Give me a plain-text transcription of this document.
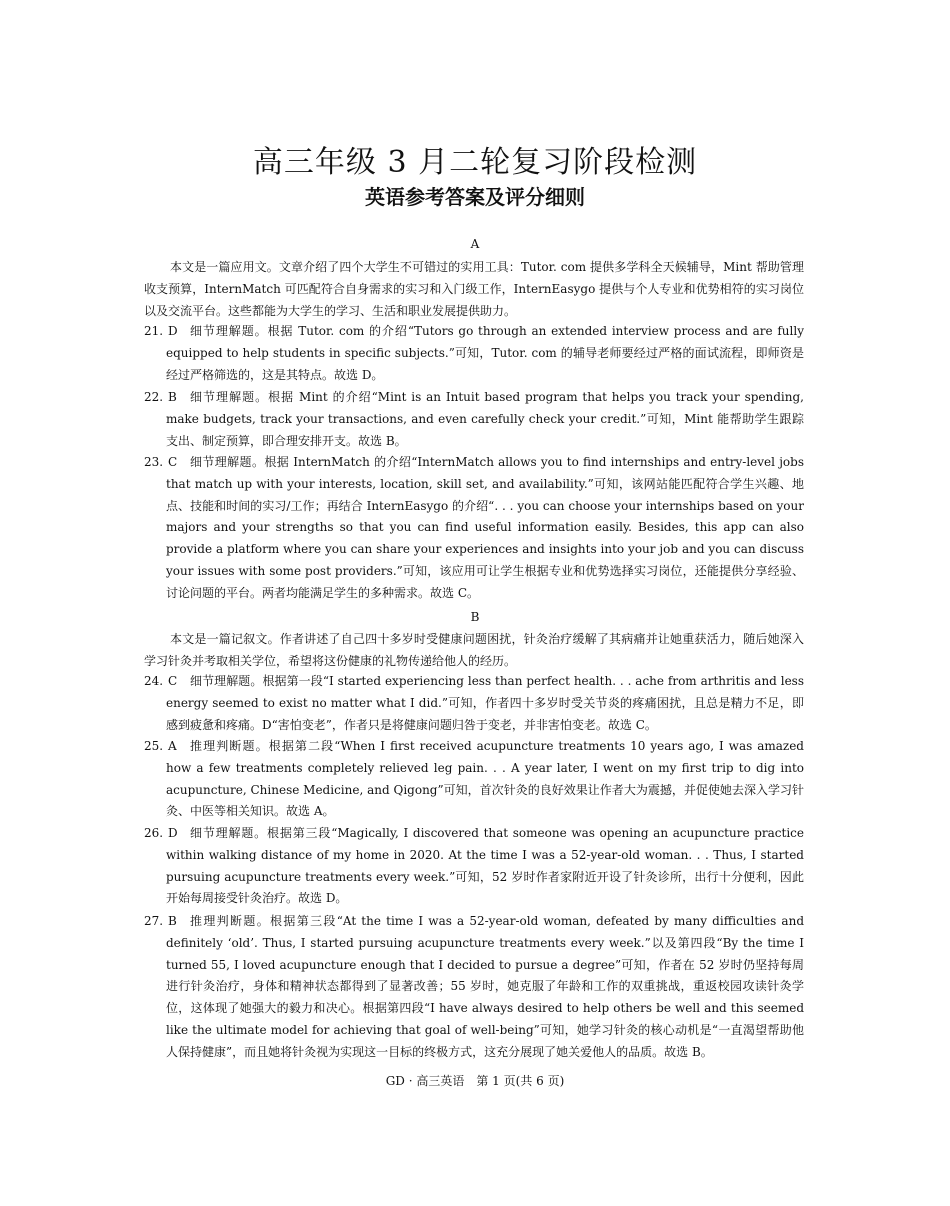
高三年级 3 月二轮复习阶段检测
英语参考答案及评分细则
A
本文是一篇应用文。文章介绍了四个大学生不可错过的实用工具：Tutor. com 提供多学科全天候辅导，Mint 帮助管理收支预算，InternMatch 可匹配符合自身需求的实习和入门级工作，InternEasygo 提供与个人专业和优势相符的实习岗位以及交流平台。这些都能为大学生的学习、生活和职业发展提供助力。
21. D	细节理解题。根据 Tutor. com 的介绍“Tutors go through an extended interview process and are fully equipped to help students in specific subjects.”可知，Tutor. com 的辅导老师要经过严格的面试流程，即师资是经过严格筛选的，这是其特点。故选 D。
22. B	细节理解题。根据 Mint 的介绍“Mint is an Intuit based program that helps you track your spending, make budgets, track your transactions, and even carefully check your credit.”可知，Mint 能帮助学生跟踪支出、制定预算，即合理安排开支。故选 B。
23. C	细节理解题。根据 InternMatch 的介绍“InternMatch allows you to find internships and entry-level jobs that match up with your interests, location, skill set, and availability.”可知，该网站能匹配符合学生兴趣、地点、技能和时间的实习/工作；再结合 InternEasygo 的介绍“. . . you can choose your internships based on your majors and your strengths so that you can find useful information easily. Besides, this app can also provide a platform where you can share your experiences and insights into your job and you can discuss your issues with some post providers.”可知，该应用可让学生根据专业和优势选择实习岗位，还能提供分享经验、讨论问题的平台。两者均能满足学生的多种需求。故选 C。
B
本文是一篇记叙文。作者讲述了自己四十多岁时受健康问题困扰，针灸治疗缓解了其病痛并让她重获活力，随后她深入学习针灸并考取相关学位，希望将这份健康的礼物传递给他人的经历。
24. C	细节理解题。根据第一段“I started experiencing less than perfect health. . . ache from arthritis and less energy seemed to exist no matter what I did.”可知，作者四十多岁时受关节炎的疼痛困扰，且总是精力不足，即感到疲惫和疼痛。D“害怕变老”，作者只是将健康问题归咎于变老，并非害怕变老。故选 C。
25. A	推理判断题。根据第二段“When I first received acupuncture treatments 10 years ago, I was amazed how a few treatments completely relieved leg pain. . . A year later, I went on my first trip to dig into acupuncture, Chinese Medicine, and Qigong”可知，首次针灸的良好效果让作者大为震撼，并促使她去深入学习针灸、中医等相关知识。故选 A。
26. D	细节理解题。根据第三段“Magically, I discovered that someone was opening an acupuncture practice within walking distance of my home in 2020. At the time I was a 52-year-old woman. . . Thus, I started pursuing acupuncture treatments every week.”可知，52 岁时作者家附近开设了针灸诊所，出行十分便利，因此开始每周接受针灸治疗。故选 D。
27. B	推理判断题。根据第三段“At the time I was a 52-year-old woman, defeated by many difficulties and definitely ‘old’. Thus, I started pursuing acupuncture treatments every week.”以及第四段“By the time I turned 55, I loved acupuncture enough that I decided to pursue a degree”可知，作者在 52 岁时仍坚持每周进行针灸治疗，身体和精神状态都得到了显著改善；55 岁时，她克服了年龄和工作的双重挑战，重返校园攻读针灸学位，这体现了她强大的毅力和决心。根据第四段“I have always desired to help others be well and this seemed like the ultimate model for achieving that goal of well-being”可知，她学习针灸的核心动机是“一直渴望帮助他人保持健康”，而且她将针灸视为实现这一目标的终极方式，这充分展现了她关爱他人的品质。故选 B。
GD · 高三英语　第 1 页(共 6 页)
